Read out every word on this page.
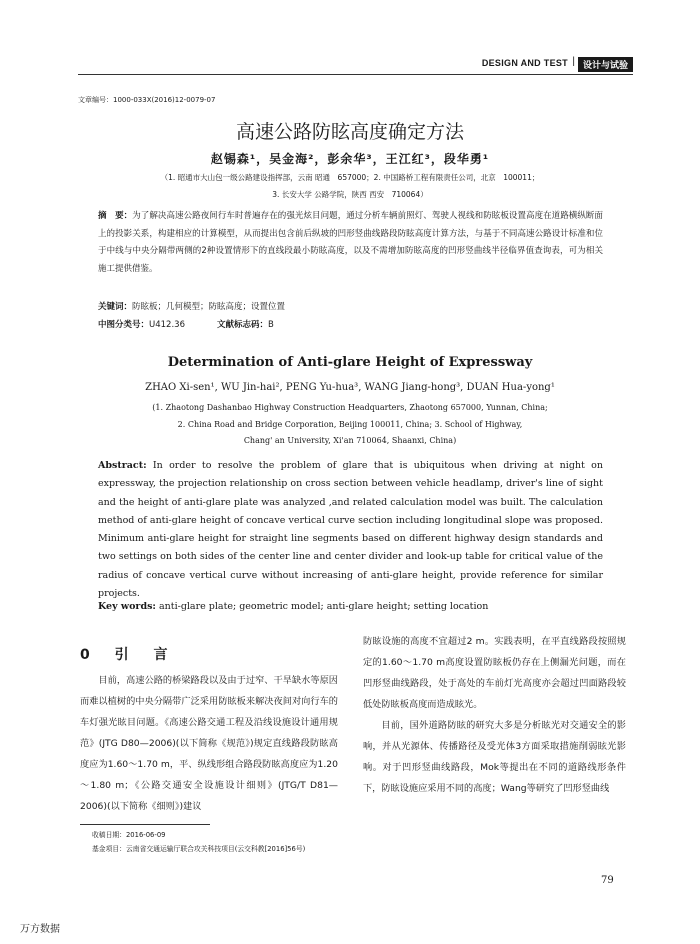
DESIGN AND TEST | 设计与试验
文章编号：1000-033X(2016)12-0079-07
高速公路防眩高度确定方法
赵锡森¹，吴金海²，彭余华³，王江红³，段华勇¹
（1. 昭通市大山包一级公路建设指挥部，云南 昭通　657000；2. 中国路桥工程有限责任公司，北京　100011；
3. 长安大学 公路学院，陕西 西安　710064）
摘　要：为了解决高速公路夜间行车时普遍存在的强光炫目问题，通过分析车辆前照灯、驾驶人视线和防眩板设置高度在道路横纵断面上的投影关系，构建相应的计算模型，从而提出包含前后纵坡的凹形竖曲线路段防眩高度计算方法，与基于不同高速公路设计标准和位于中线与中央分隔带两侧的2种设置情形下的直线段最小防眩高度，以及不需增加防眩高度的凹形竖曲线半径临界值查询表，可为相关施工提供借鉴。
关键词：防眩板；几何模型；防眩高度；设置位置
中图分类号：U412.36	文献标志码：B
Determination of Anti-glare Height of Expressway
ZHAO Xi-sen¹, WU Jin-hai², PENG Yu-hua³, WANG Jiang-hong³, DUAN Hua-yong¹
(1. Zhaotong Dashanbao Highway Construction Headquarters, Zhaotong 657000, Yunnan, China;
2. China Road and Bridge Corporation, Beijing 100011, China; 3. School of Highway,
Chang' an University, Xi'an 710064, Shaanxi, China)
Abstract: In order to resolve the problem of glare that is ubiquitous when driving at night on expressway, the projection relationship on cross section between vehicle headlamp, driver's line of sight and the height of anti-glare plate was analyzed ,and related calculation model was built. The calculation method of anti-glare height of concave vertical curve section including longitudinal slope was proposed. Minimum anti-glare height for straight line segments based on different highway design standards and two settings on both sides of the center line and center divider and look-up table for critical value of the radius of concave vertical curve without increasing of anti-glare height, provide reference for similar projects.
Key words: anti-glare plate; geometric model; anti-glare height; setting location
0 引 言
目前，高速公路的桥梁路段以及由于过窄、干旱缺水等原因而难以植树的中央分隔带广泛采用防眩板来解决夜间对向行车的车灯强光眩目问题。《高速公路交通工程及沿线设施设计通用规范》(JTG D80—2006)(以下简称《规范》)规定直线路段防眩高度应为1.60～1.70 m，平、纵线形组合路段防眩高度应为1.20～1.80 m；《公路交通安全设施设计细则》(JTG/T D81—2006)(以下简称《细则》)建议
防眩设施的高度不宜超过2 m。实践表明，在平直线路段按照规定的1.60～1.70 m高度设置防眩板仍存在上侧漏光问题，而在凹形竖曲线路段，处于高处的车前灯光高度亦会超过凹面路段较低处防眩板高度而造成眩光。
目前，国外道路防眩的研究大多是分析眩光对交通安全的影响，并从光源体、传播路径及受光体3方面采取措施削弱眩光影响。对于凹形竖曲线路段，Mok等提出在不同的道路线形条件下，防眩设施应采用不同的高度；Wang等研究了凹形竖曲线
收稿日期：2016-06-09
基金项目：云南省交通运输厅联合攻关科技项目(云交科教[2016]56号)
79
万方数据
